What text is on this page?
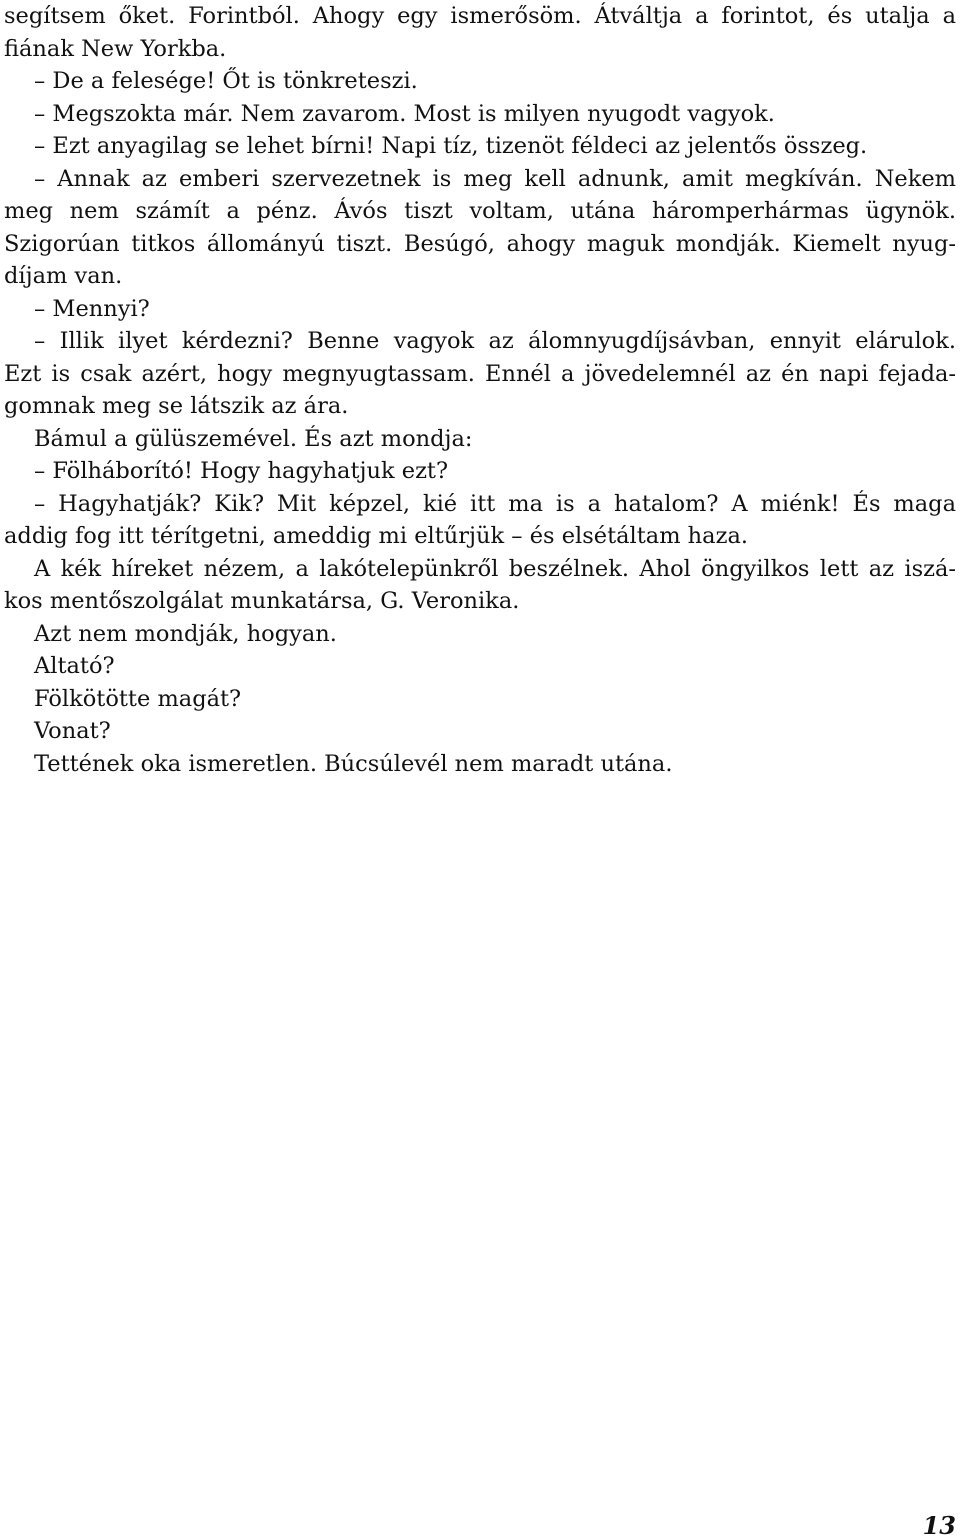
segítsem őket. Forintból. Ahogy egy ismerősöm. Átváltja a forintot, és utalja a
fiának New Yorkba.
– De a felesége! Őt is tönkreteszi.
– Megszokta már. Nem zavarom. Most is milyen nyugodt vagyok.
– Ezt anyagilag se lehet bírni! Napi tíz, tizenöt féldeci az jelentős összeg.
– Annak az emberi szervezetnek is meg kell adnunk, amit megkíván. Nekem
meg nem számít a pénz. Ávós tiszt voltam, utána háromperhármas ügynök.
Szigorúan titkos állományú tiszt. Besúgó, ahogy maguk mondják. Kiemelt nyug-
díjam van.
– Mennyi?
– Illik ilyet kérdezni? Benne vagyok az álomnyugdíjsávban, ennyit elárulok.
Ezt is csak azért, hogy megnyugtassam. Ennél a jövedelemnél az én napi fejada-
gomnak meg se látszik az ára.
Bámul a gülüszemével. És azt mondja:
– Fölháborító! Hogy hagyhatjuk ezt?
– Hagyhatják? Kik? Mit képzel, kié itt ma is a hatalom? A miénk! És maga
addig fog itt térítgetni, ameddig mi eltűrjük – és elsétáltam haza.
A kék híreket nézem, a lakótelepünkről beszélnek. Ahol öngyilkos lett az iszá-
kos mentőszolgálat munkatársa, G. Veronika.
Azt nem mondják, hogyan.
Altató?
Fölkötötte magát?
Vonat?
Tettének oka ismeretlen. Búcsúlevél nem maradt utána.
13
